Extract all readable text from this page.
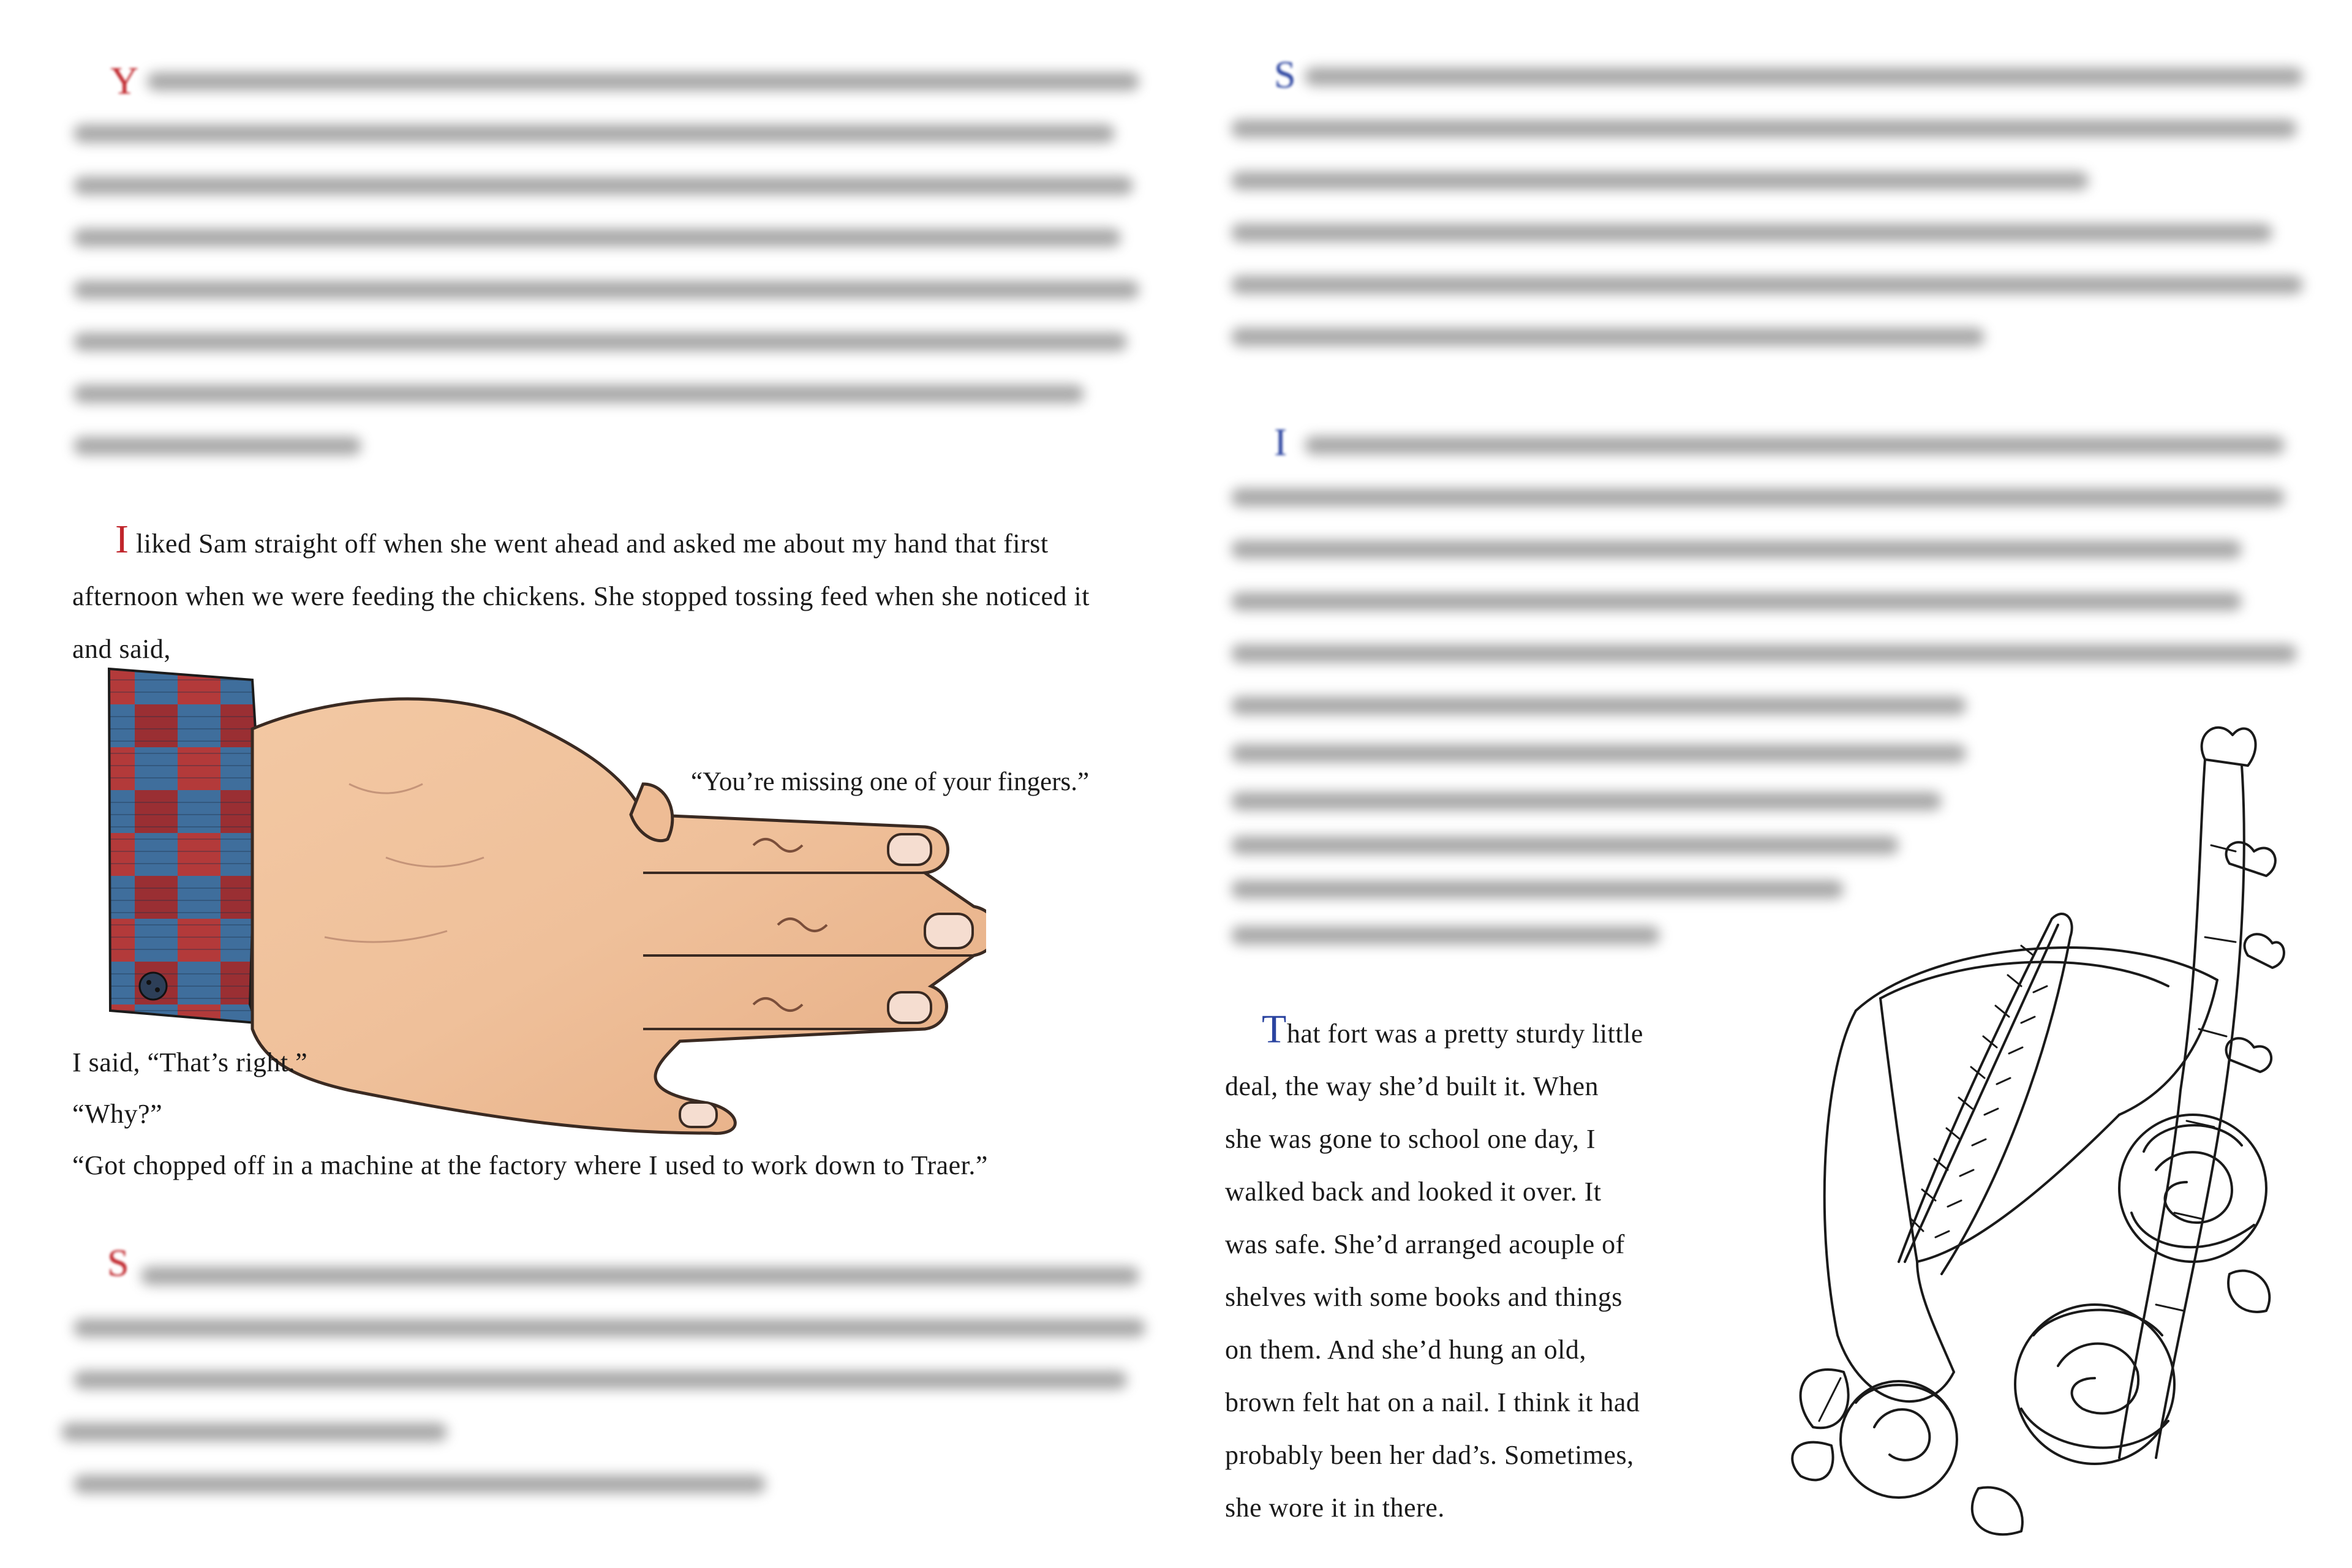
Y

I liked Sam straight off when she went ahead and asked me about my hand that first afternoon when we were feeding the chickens. She stopped tossing feed when she noticed it and said,

“You’re missing one of your fingers.”

I said, “That’s right.”

“Why?”

“Got chopped off in a machine at the factory where I used to work down to Traer.”

S
S
I

That fort was a pretty sturdy little

deal, the way she’d built it. When

she was gone to school one day, I

walked back and looked it over. It

was safe. She’d arranged acouple of

shelves with some books and things

on them. And she’d hung an old,

brown felt hat on a nail. I think it had

probably been her dad’s. Sometimes,

she wore it in there.
